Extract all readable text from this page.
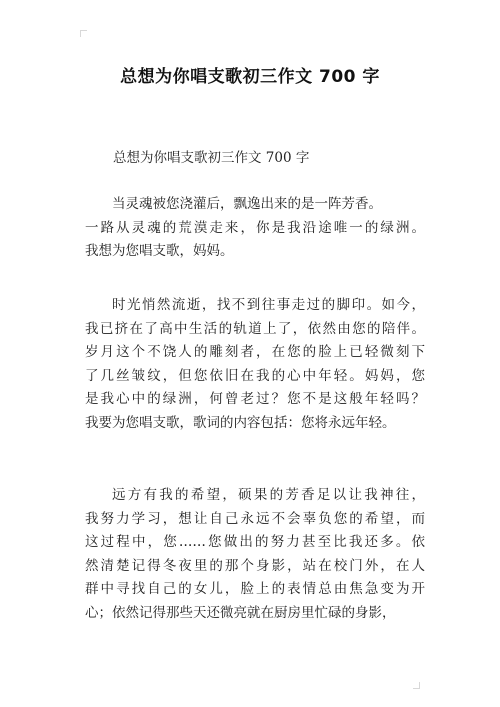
总想为你唱支歌初三作文 700 字
总想为你唱支歌初三作文 700 字
当灵魂被您浇灌后，飘逸出来的是一阵芳香。
一路从灵魂的荒漠走来，你是我沿途唯一的绿洲。
我想为您唱支歌，妈妈。
时光悄然流逝，找不到往事走过的脚印。如今，
我已挤在了高中生活的轨道上了，依然由您的陪伴。
岁月这个不饶人的雕刻者，在您的脸上已轻微刻下
了几丝皱纹，但您依旧在我的心中年轻。妈妈，您
是我心中的绿洲，何曾老过？您不是这般年轻吗？
我要为您唱支歌，歌词的内容包括：您将永远年轻。
远方有我的希望，硕果的芳香足以让我神往，
我努力学习，想让自己永远不会辜负您的希望，而
这过程中，您……您做出的努力甚至比我还多。依
然清楚记得冬夜里的那个身影，站在校门外，在人
群中寻找自己的女儿，脸上的表情总由焦急变为开
心；依然记得那些天还微亮就在厨房里忙碌的身影，
